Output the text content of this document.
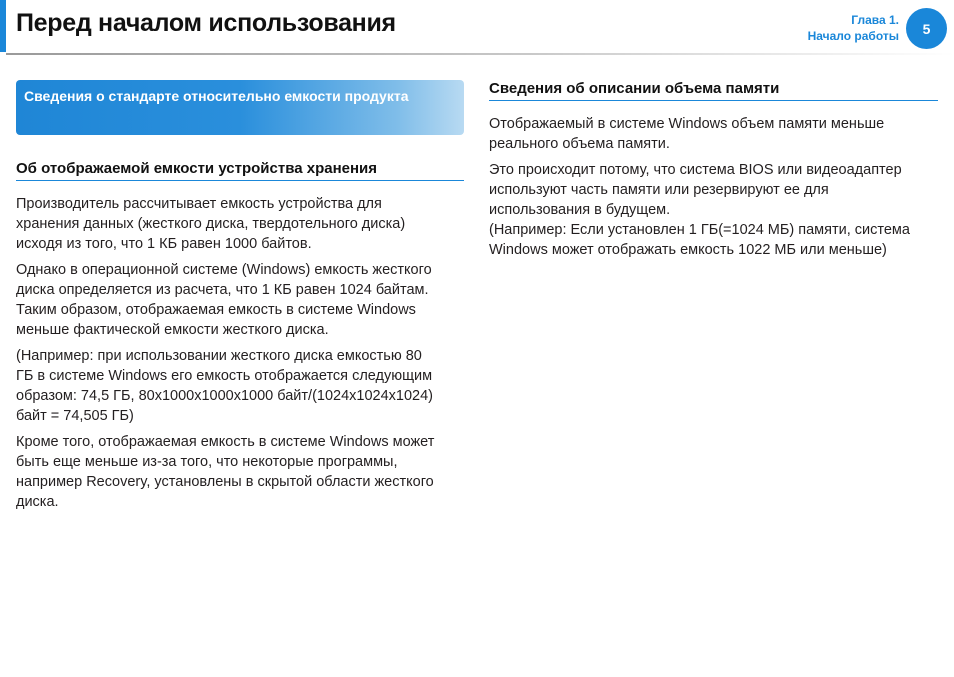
Перед началом использования	Глава 1.
Начало работы	5
Сведения о стандарте относительно емкости продукта
Об отображаемой емкости устройства хранения

Производитель рассчитывает емкость устройства для
хранения данных (жесткого диска, твердотельного диска)
исходя из того, что 1 КБ равен 1000 байтов.

Однако в операционной системе (Windows) емкость жесткого
диска определяется из расчета, что 1 КБ равен 1024 байтам.
Таким образом, отображаемая емкость в системе Windows
меньше фактической емкости жесткого диска.

(Например: при использовании жесткого диска емкостью 80
ГБ в системе Windows его емкость отображается следующим
образом: 74,5 ГБ, 80x1000x1000x1000 байт/(1024x1024x1024)
байт = 74,505 ГБ)

Кроме того, отображаемая емкость в системе Windows может
быть еще меньше из-за того, что некоторые программы,
например Recovery, установлены в скрытой области жесткого
диска.

Сведения об описании объема памяти

Отображаемый в системе Windows объем памяти меньше
реального объема памяти.

Это происходит потому, что система BIOS или видеоадаптер
используют часть памяти или резервируют ее для
использования в будущем.
(Например: Если установлен 1 ГБ(=1024 МБ) памяти, система
Windows может отображать емкость 1022 МБ или меньше)
